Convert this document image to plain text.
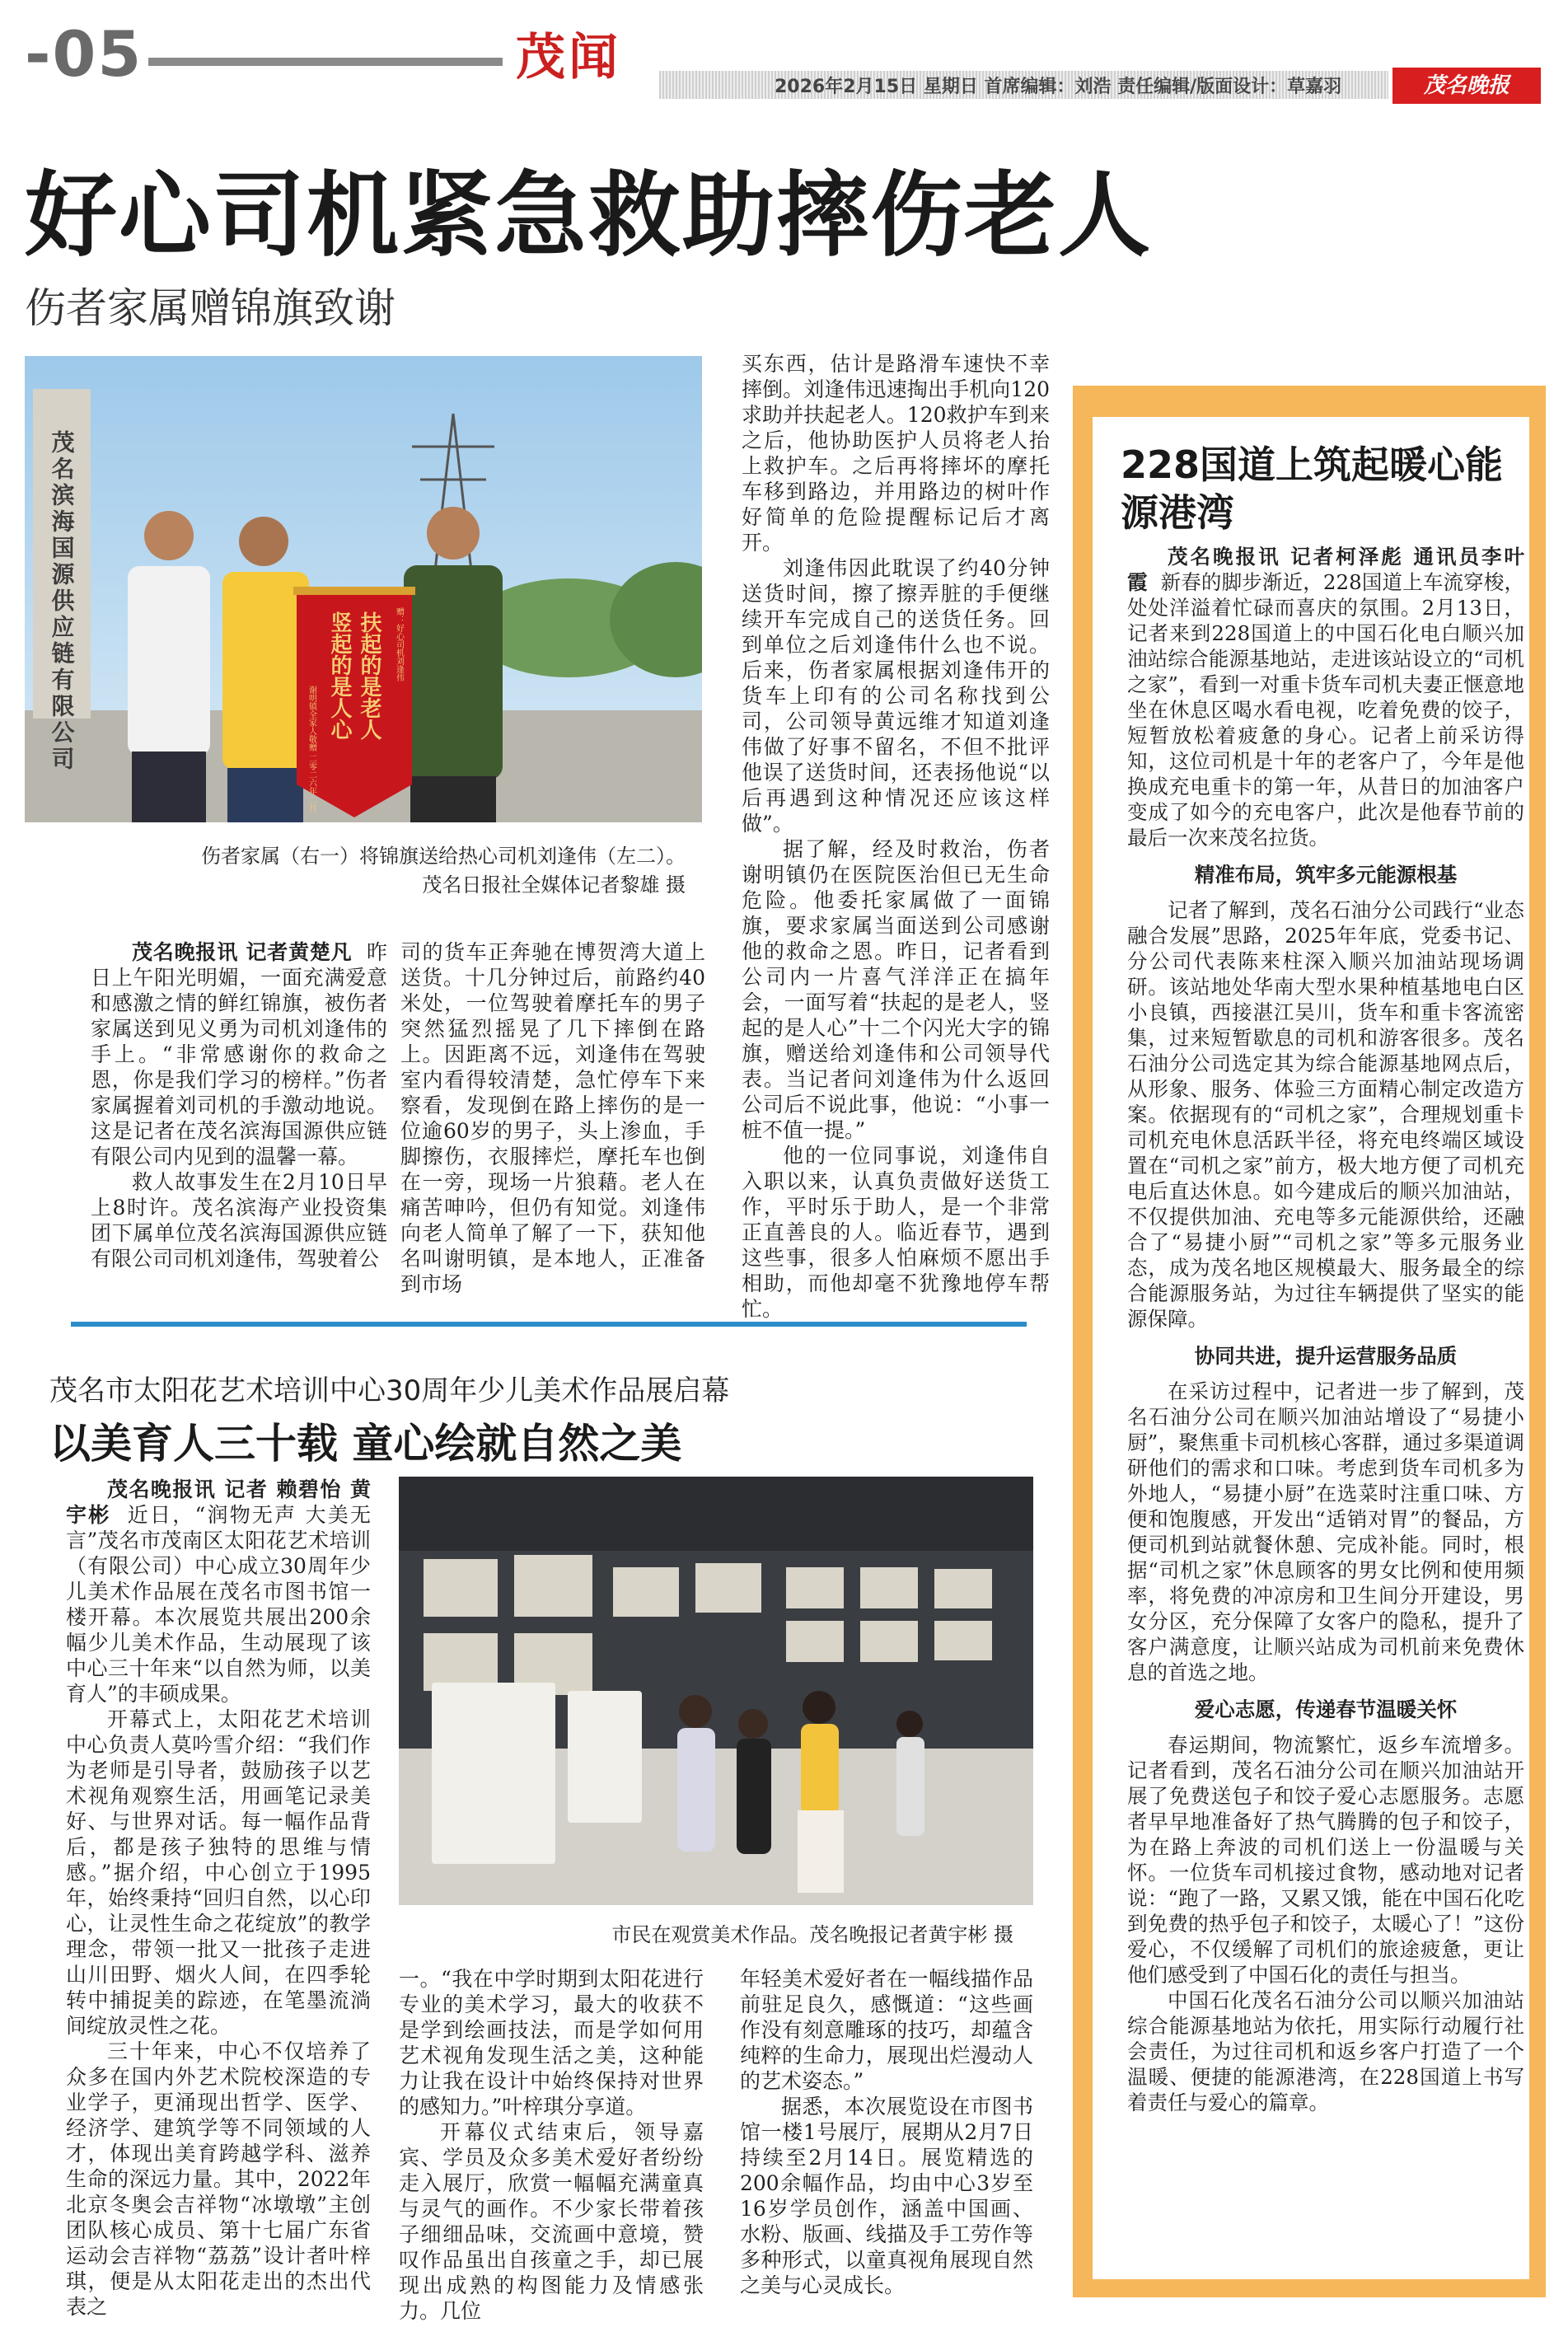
-05	茂闻
2026年2月15日 星期日 首席编辑：刘浩 责任编辑/版面设计：草嘉羽	茂名晚报
好心司机紧急救助摔伤老人
伤者家属赠锦旗致谢
茂名滨海国源供应链有限公司	赠：好心司机刘逢伟
扶起的是老人
竖起的是人心
谢明镇全家人敬赠 二零二六年二月
伤者家属（右一）将锦旗送给热心司机刘逢伟（左二）。
茂名日报社全媒体记者黎雄 摄

茂名晚报讯 记者黄楚凡 昨日上午阳光明媚，一面充满爱意和感激之情的鲜红锦旗，被伤者家属送到见义勇为司机刘逢伟的手上。“非常感谢你的救命之恩，你是我们学习的榜样。”伤者家属握着刘司机的手激动地说。这是记者在茂名滨海国源供应链有限公司内见到的温馨一幕。

救人故事发生在2月10日早上8时许。茂名滨海产业投资集团下属单位茂名滨海国源供应链有限公司司机刘逢伟，驾驶着公

司的货车正奔驰在博贺湾大道上送货。十几分钟过后，前路约40米处，一位驾驶着摩托车的男子突然猛烈摇晃了几下摔倒在路上。因距离不远，刘逢伟在驾驶室内看得较清楚，急忙停车下来察看，发现倒在路上摔伤的是一位逾60岁的男子，头上渗血，手脚擦伤，衣服摔烂，摩托车也倒在一旁，现场一片狼藉。老人在痛苦呻吟，但仍有知觉。刘逢伟向老人简单了解了一下，获知他名叫谢明镇，是本地人，正准备到市场

买东西，估计是路滑车速快不幸摔倒。刘逢伟迅速掏出手机向120求助并扶起老人。120救护车到来之后，他协助医护人员将老人抬上救护车。之后再将摔坏的摩托车移到路边，并用路边的树叶作好简单的危险提醒标记后才离开。

刘逢伟因此耽误了约40分钟送货时间，擦了擦弄脏的手便继续开车完成自己的送货任务。回到单位之后刘逢伟什么也不说。后来，伤者家属根据刘逢伟开的货车上印有的公司名称找到公司，公司领导黄远维才知道刘逢伟做了好事不留名，不但不批评他误了送货时间，还表扬他说“以后再遇到这种情况还应该这样做”。

据了解，经及时救治，伤者谢明镇仍在医院医治但已无生命危险。他委托家属做了一面锦旗，要求家属当面送到公司感谢他的救命之恩。昨日，记者看到公司内一片喜气洋洋正在搞年会，一面写着“扶起的是老人，竖起的是人心”十二个闪光大字的锦旗，赠送给刘逢伟和公司领导代表。当记者问刘逢伟为什么返回公司后不说此事，他说：“小事一桩不值一提。”

他的一位同事说，刘逢伟自入职以来，认真负责做好送货工作，平时乐于助人，是一个非常正直善良的人。临近春节，遇到这些事，很多人怕麻烦不愿出手相助，而他却毫不犹豫地停车帮忙。

茂名市太阳花艺术培训中心30周年少儿美术作品展启幕
以美育人三十载 童心绘就自然之美

茂名晚报讯 记者 赖碧怡 黄宇彬 近日，“润物无声 大美无言”茂名市茂南区太阳花艺术培训（有限公司）中心成立30周年少儿美术作品展在茂名市图书馆一楼开幕。本次展览共展出200余幅少儿美术作品，生动展现了该中心三十年来“以自然为师，以美育人”的丰硕成果。

开幕式上，太阳花艺术培训中心负责人莫吟雪介绍：“我们作为老师是引导者，鼓励孩子以艺术视角观察生活，用画笔记录美好、与世界对话。每一幅作品背后，都是孩子独特的思维与情感。”据介绍，中心创立于1995年，始终秉持“回归自然，以心印心，让灵性生命之花绽放”的教学理念，带领一批又一批孩子走进山川田野、烟火人间，在四季轮转中捕捉美的踪迹，在笔墨流淌间绽放灵性之花。

三十年来，中心不仅培养了众多在国内外艺术院校深造的专业学子，更涌现出哲学、医学、经济学、建筑学等不同领域的人才，体现出美育跨越学科、滋养生命的深远力量。其中，2022年北京冬奥会吉祥物“冰墩墩”主创团队核心成员、第十七届广东省运动会吉祥物“荔荔”设计者叶梓琪，便是从太阳花走出的杰出代表之

市民在观赏美术作品。茂名晚报记者黄宇彬 摄

一。“我在中学时期到太阳花进行专业的美术学习，最大的收获不是学到绘画技法，而是学如何用艺术视角发现生活之美，这种能力让我在设计中始终保持对世界的感知力。”叶梓琪分享道。

开幕仪式结束后，领导嘉宾、学员及众多美术爱好者纷纷走入展厅，欣赏一幅幅充满童真与灵气的画作。不少家长带着孩子细细品味，交流画中意境，赞叹作品虽出自孩童之手，却已展现出成熟的构图能力及情感张力。几位

年轻美术爱好者在一幅线描作品前驻足良久，感慨道：“这些画作没有刻意雕琢的技巧，却蕴含纯粹的生命力，展现出烂漫动人的艺术姿态。”

据悉，本次展览设在市图书馆一楼1号展厅，展期从2月7日持续至2月14日。展览精选的200余幅作品，均由中心3岁至16岁学员创作，涵盖中国画、水粉、版画、线描及手工劳作等多种形式，以童真视角展现自然之美与心灵成长。

228国道上筑起暖心能源港湾

茂名晚报讯 记者柯泽彪 通讯员李叶霞 新春的脚步渐近，228国道上车流穿梭，处处洋溢着忙碌而喜庆的氛围。2月13日，记者来到228国道上的中国石化电白顺兴加油站综合能源基地站，走进该站设立的“司机之家”，看到一对重卡货车司机夫妻正惬意地坐在休息区喝水看电视，吃着免费的饺子，短暂放松着疲惫的身心。记者上前采访得知，这位司机是十年的老客户了，今年是他换成充电重卡的第一年，从昔日的加油客户变成了如今的充电客户，此次是他春节前的最后一次来茂名拉货。

精准布局，筑牢多元能源根基

记者了解到，茂名石油分公司践行“业态融合发展”思路，2025年年底，党委书记、分公司代表陈来柱深入顺兴加油站现场调研。该站地处华南大型水果种植基地电白区小良镇，西接湛江吴川，货车和重卡客流密集，过来短暂歇息的司机和游客很多。茂名石油分公司选定其为综合能源基地网点后，从形象、服务、体验三方面精心制定改造方案。依据现有的“司机之家”，合理规划重卡司机充电休息活跃半径，将充电终端区域设置在“司机之家”前方，极大地方便了司机充电后直达休息。如今建成后的顺兴加油站，不仅提供加油、充电等多元能源供给，还融合了“易捷小厨”“司机之家”等多元服务业态，成为茂名地区规模最大、服务最全的综合能源服务站，为过往车辆提供了坚实的能源保障。

协同共进，提升运营服务品质

在采访过程中，记者进一步了解到，茂名石油分公司在顺兴加油站增设了“易捷小厨”，聚焦重卡司机核心客群，通过多渠道调研他们的需求和口味。考虑到货车司机多为外地人，“易捷小厨”在选菜时注重口味、方便和饱腹感，开发出“适销对胃”的餐品，方便司机到站就餐休憩、完成补能。同时，根据“司机之家”休息顾客的男女比例和使用频率，将免费的冲凉房和卫生间分开建设，男女分区，充分保障了女客户的隐私，提升了客户满意度，让顺兴站成为司机前来免费休息的首选之地。

爱心志愿，传递春节温暖关怀

春运期间，物流繁忙，返乡车流增多。记者看到，茂名石油分公司在顺兴加油站开展了免费送包子和饺子爱心志愿服务。志愿者早早地准备好了热气腾腾的包子和饺子，为在路上奔波的司机们送上一份温暖与关怀。一位货车司机接过食物，感动地对记者说：“跑了一路，又累又饿，能在中国石化吃到免费的热乎包子和饺子，太暖心了！”这份爱心，不仅缓解了司机们的旅途疲惫，更让他们感受到了中国石化的责任与担当。

中国石化茂名石油分公司以顺兴加油站综合能源基地站为依托，用实际行动履行社会责任，为过往司机和返乡客户打造了一个温暖、便捷的能源港湾，在228国道上书写着责任与爱心的篇章。
